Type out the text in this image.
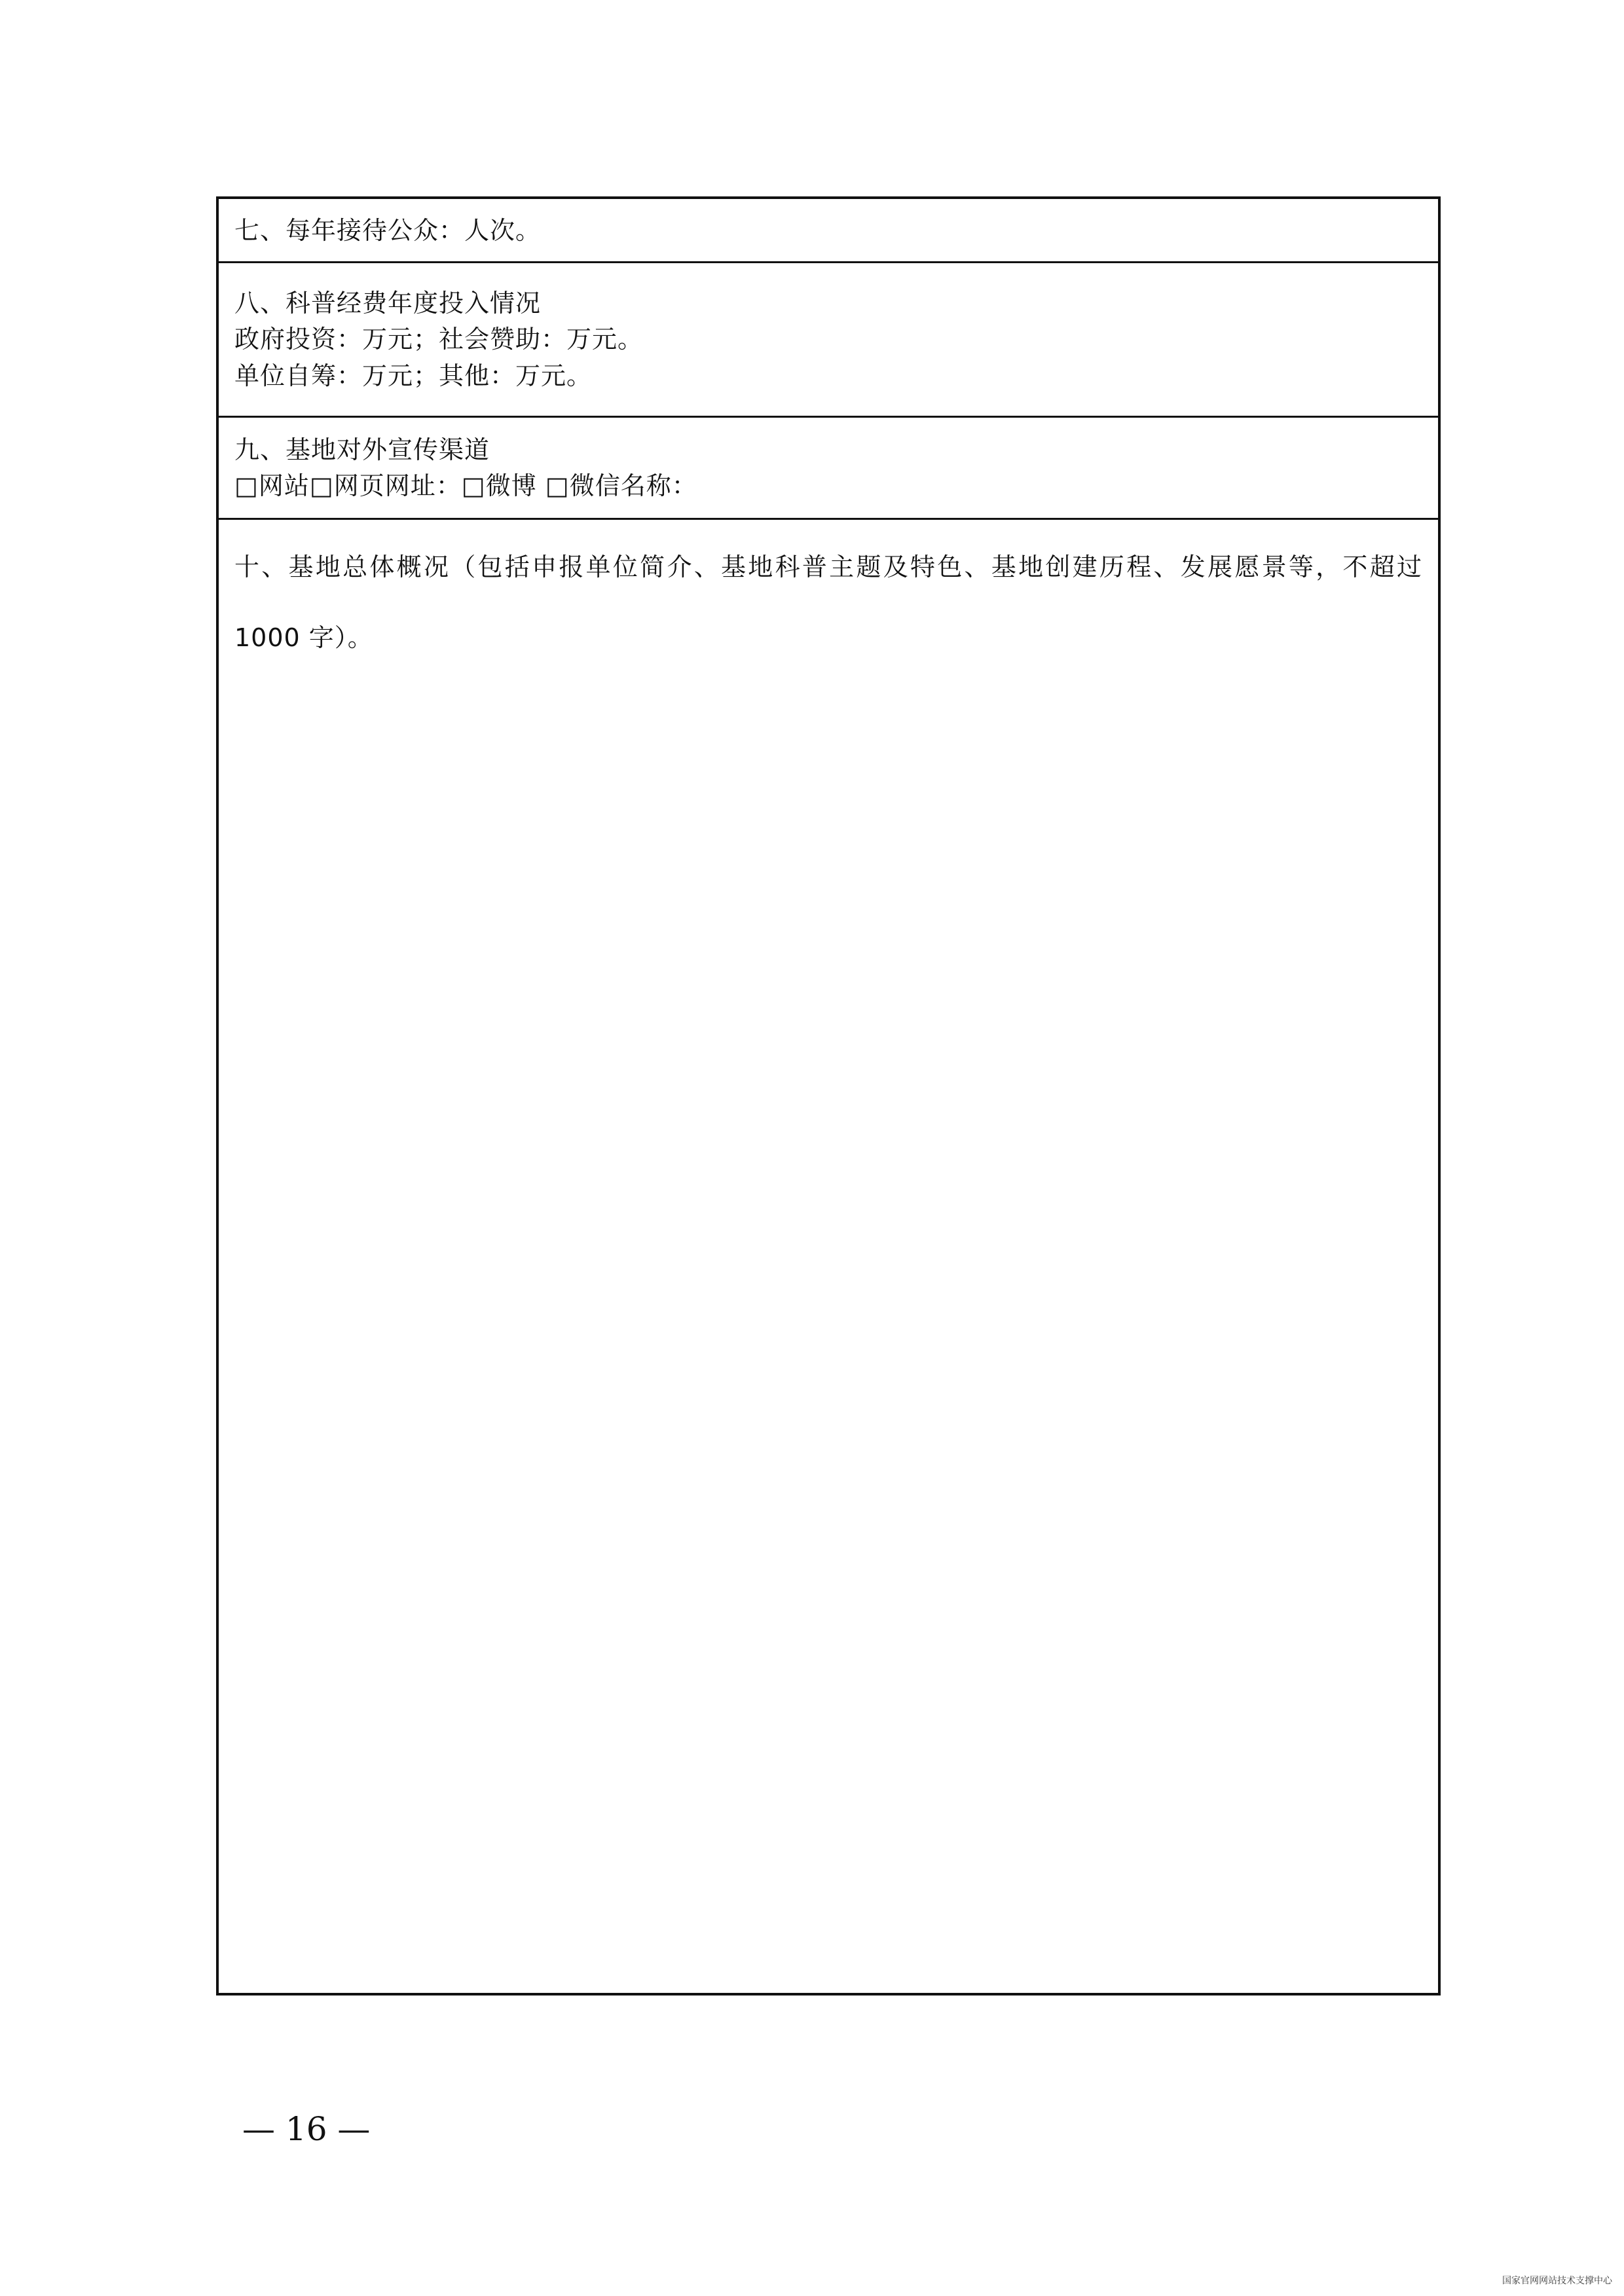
七、每年接待公众：人次。
八、科普经费年度投入情况
政府投资：万元；社会赞助：万元。
单位自筹：万元；其他：万元。
九、基地对外宣传渠道
□网站□网页网址：□微博 □微信名称：
十、基地总体概况（包括申报单位简介、基地科普主题及特色、基地创建历程、发展愿景等，不超过 1000 字）。
— 16 —
国家官网网站技术支撑中心
